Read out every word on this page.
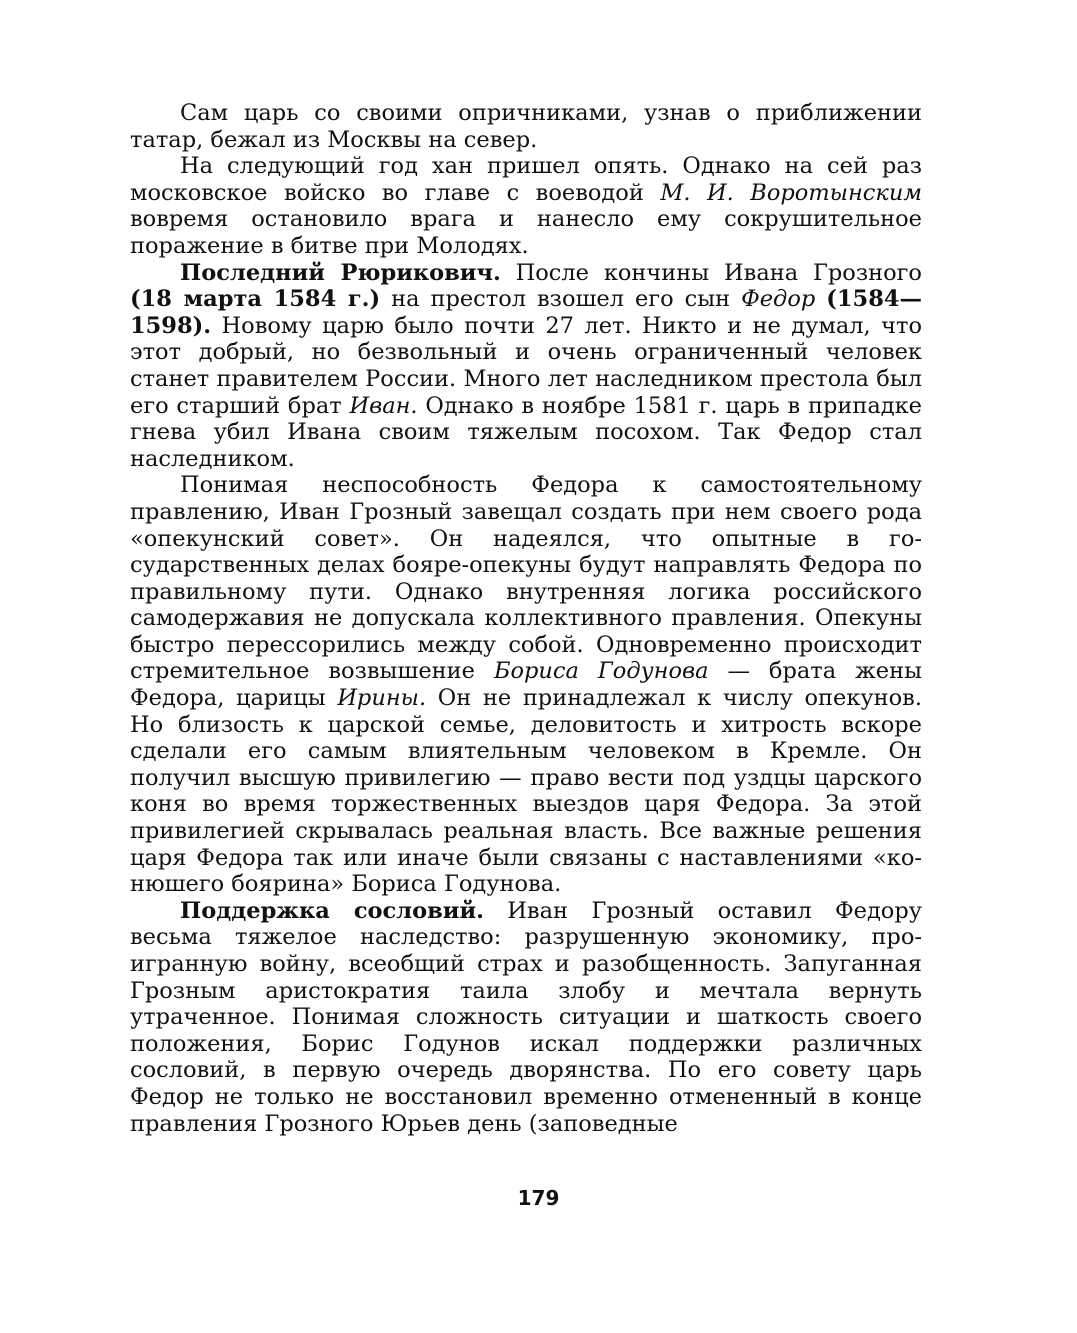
Сам царь со своими опричниками, узнав о приближении татар, бежал из Москвы на север.

На следующий год хан пришел опять. Однако на сей раз московское войско во главе с воеводой М. И. Воротынским вовремя остановило врага и нанесло ему сокрушительное поражение в битве при Молодях.

Последний Рюрикович. После кончины Ивана Грозного (18 марта 1584 г.) на престол взошел его сын Федор (1584—1598). Новому царю было почти 27 лет. Никто и не думал, что этот добрый, но безвольный и очень ограниченный человек станет правителем России. Много лет наследником престола был его старший брат Иван. Однако в ноябре 1581 г. царь в припадке гнева убил Ивана своим тяжелым посохом. Так Федор стал наследником.

Понимая неспособность Федора к самостоятельному правлению, Иван Грозный завещал создать при нем своего рода «опекунский совет». Он надеялся, что опытные в государственных делах бояре-опекуны будут направлять Федора по правильному пути. Однако внутренняя логика российского самодержавия не допускала коллективного правления. Опекуны быстро перессорились между собой. Одновременно происходит стремительное возвышение Бориса Годунова — брата жены Федора, царицы Ирины. Он не принадлежал к числу опекунов. Но близость к царской семье, деловитость и хитрость вскоре сделали его самым влиятельным человеком в Кремле. Он получил высшую привилегию — право вести под уздцы царского коня во время торжественных выездов царя Федора. За этой привилегией скрывалась реальная власть. Все важные решения царя Федора так или иначе были связаны с наставлениями «конюшего боярина» Бориса Годунова.

Поддержка сословий. Иван Грозный оставил Федору весьма тяжелое наследство: разрушенную экономику, проигранную войну, всеобщий страх и разобщенность. Запуганная Грозным аристократия таила злобу и мечтала вернуть утраченное. Понимая сложность ситуации и шаткость своего положения, Борис Годунов искал поддержки различных сословий, в первую очередь дворянства. По его совету царь Федор не только не восстановил временно отмененный в конце правления Грозного Юрьев день (заповедные

179
